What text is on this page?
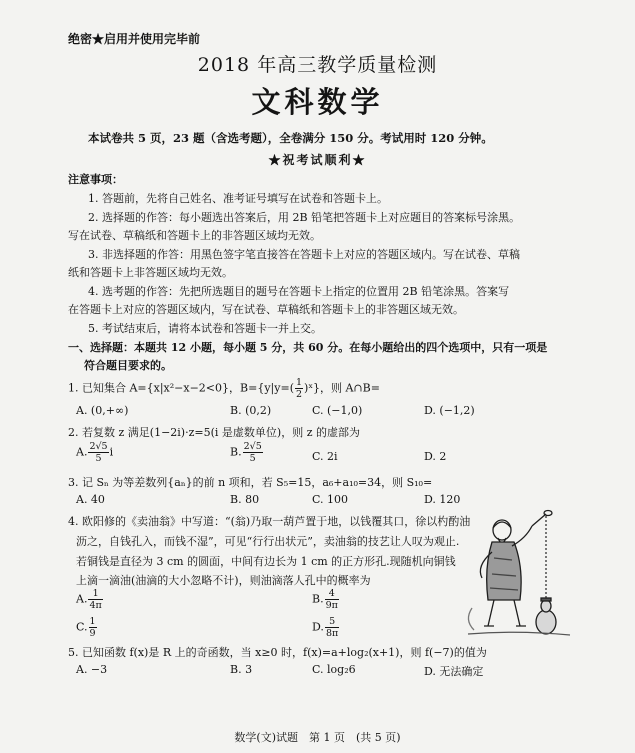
绝密★启用并使用完毕前
2018 年高三教学质量检测
文科数学
本试卷共 5 页，23 题（含选考题），全卷满分 150 分。考试用时 120 分钟。
★祝考试顺利★
注意事项：
1. 答题前，先将自己姓名、准考证号填写在试卷和答题卡上。
2. 选择题的作答：每小题选出答案后，用 2B 铅笔把答题卡上对应题目的答案标号涂黑。
写在试卷、草稿纸和答题卡上的非答题区域均无效。
3. 非选择题的作答：用黑色签字笔直接答在答题卡上对应的答题区域内。写在试卷、草稿
纸和答题卡上非答题区域均无效。
4. 选考题的作答：先把所选题目的题号在答题卡上指定的位置用 2B 铅笔涂黑。答案写
在答题卡上对应的答题区域内，写在试卷、草稿纸和答题卡上的非答题区域无效。
5. 考试结束后，请将本试卷和答题卡一并上交。
一、选择题：本题共 12 小题，每小题 5 分，共 60 分。在每小题给出的四个选项中，只有一项是
符合题目要求的。
1. 已知集合 A={x|x²−x−2<0}，$B=\{y|y=( \frac{1}{2}$ )ˣ}，则 A∩B=
A. (0,+∞)	B. (0,2)	C. (−1,0)	D. (−1,2)
2. 若复数 z 满足(1−2i)·z=5(i 是虚数单位)，则 z 的虚部为
A. $\frac{2√5}{5}$ i	B. $\frac{2√5}{5}$	C. 2i	D. 2
3. 记 Sₙ 为等差数列{aₙ}的前 n 项和，若 S₅=15，a₆+a₁₀=34，则 S₁₀=
A. 40	B. 80	C. 100	D. 120
4. 欧阳修的《卖油翁》中写道：“(翁)乃取一葫芦置于地，以钱覆其口，徐以杓酌油
沥之，自钱孔入，而钱不湿”，可见“行行出状元”，卖油翁的技艺让人叹为观止.
若铜钱是直径为 3 cm 的圆面，中间有边长为 1 cm 的正方形孔.现随机向铜钱
上滴一滴油(油滴的大小忽略不计)，则油滴落人孔中的概率为
A. $\frac{1}{4\pi}$	B. $\frac{4}{9\pi}$
C. $\frac{1}{9}$	D. $\frac{5}{8\pi}$
5. 已知函数 f(x)是 R 上的奇函数，当 x≥0 时，f(x)=a+log₂(x+1)，则 f(−7)的值为
A. −3	B. 3	C. log₂6	D. 无法确定
数学(文)试题　第 1 页　(共 5 页)
